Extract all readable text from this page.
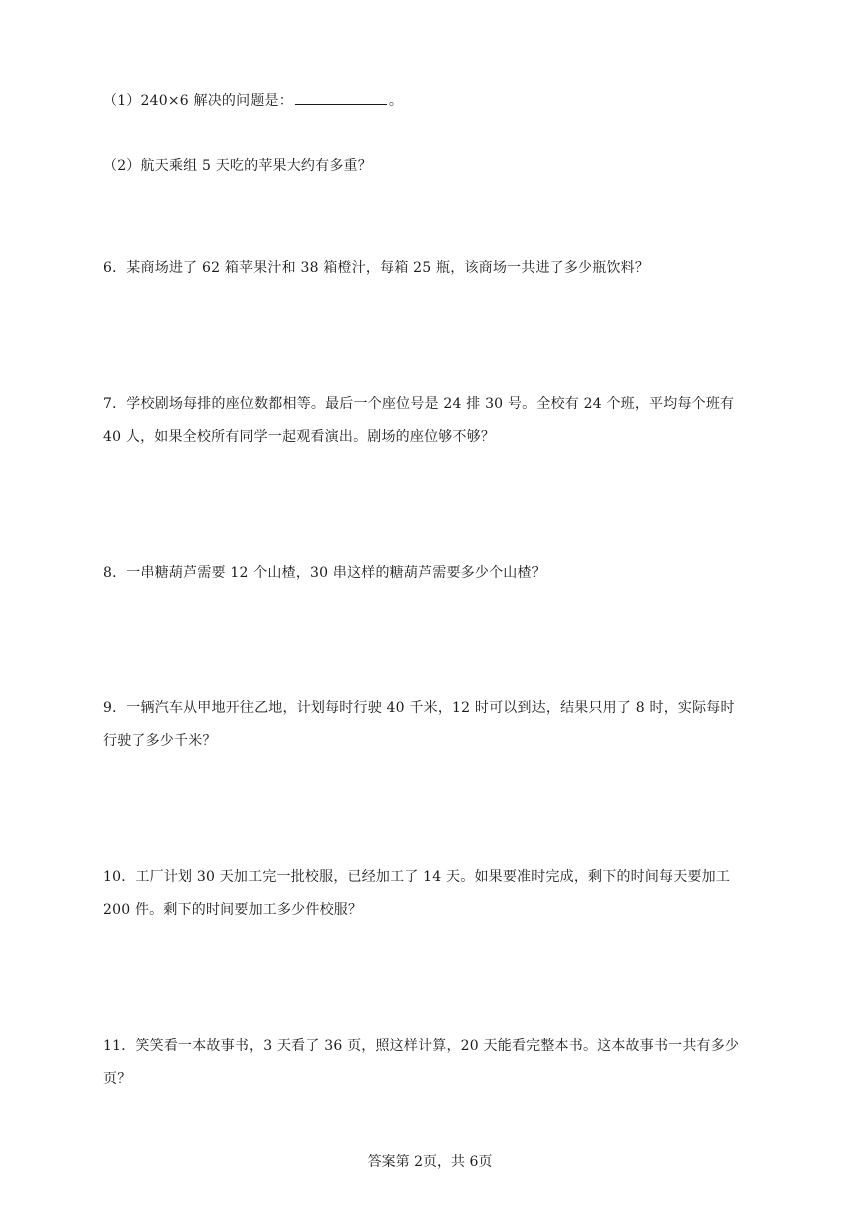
（1）240×6 解决的问题是：	。
（2）航天乘组 5 天吃的苹果大约有多重？
6．某商场进了 62 箱苹果汁和 38 箱橙汁，每箱 25 瓶，该商场一共进了多少瓶饮料？
7．学校剧场每排的座位数都相等。最后一个座位号是 24 排 30 号。全校有 24 个班，平均每个班有
40 人，如果全校所有同学一起观看演出。剧场的座位够不够？
8．一串糖葫芦需要 12 个山楂，30 串这样的糖葫芦需要多少个山楂？
9．一辆汽车从甲地开往乙地，计划每时行驶 40 千米，12 时可以到达，结果只用了 8 时，实际每时
行驶了多少千米？
10．工厂计划 30 天加工完一批校服，已经加工了 14 天。如果要准时完成，剩下的时间每天要加工
200 件。剩下的时间要加工多少件校服？
11．笑笑看一本故事书，3 天看了 36 页，照这样计算，20 天能看完整本书。这本故事书一共有多少
页？
答案第 2页，共 6页
